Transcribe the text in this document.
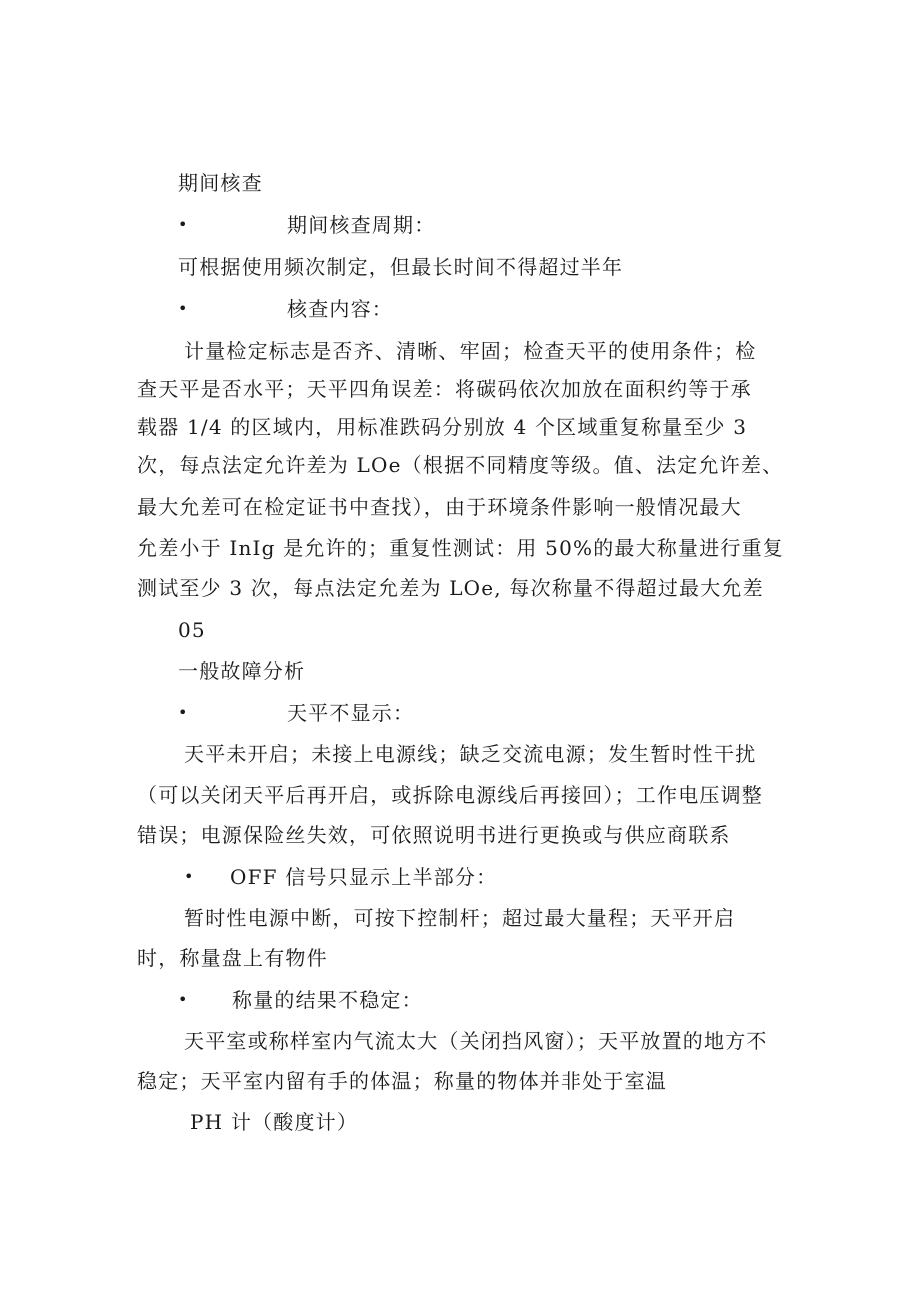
期间核查
•	期间核查周期：
可根据使用频次制定，但最长时间不得超过半年
•	核查内容：
计量检定标志是否齐、清晰、牢固；检查天平的使用条件；检
查天平是否水平；天平四角误差：将碳码依次加放在面积约等于承
载器 1/4 的区域内，用标准跌码分别放 4 个区域重复称量至少 3
次，每点法定允许差为 LOe（根据不同精度等级。值、法定允许差、
最大允差可在检定证书中查找），由于环境条件影响一般情况最大
允差小于 InIg 是允许的；重复性测试：用 50%的最大称量进行重复
测试至少 3 次，每点法定允差为 LOe, 每次称量不得超过最大允差
05
一般故障分析
•	天平不显示：
天平未开启；未接上电源线；缺乏交流电源；发生暂时性干扰
（可以关闭天平后再开启，或拆除电源线后再接回）；工作电压调整
错误；电源保险丝失效，可依照说明书进行更换或与供应商联系
• OFF 信号只显示上半部分：
暂时性电源中断，可按下控制杆；超过最大量程；天平开启
时，称量盘上有物件
• 称量的结果不稳定：
天平室或称样室内气流太大（关闭挡风窗）；天平放置的地方不
稳定；天平室内留有手的体温；称量的物体并非处于室温
PH 计（酸度计）
